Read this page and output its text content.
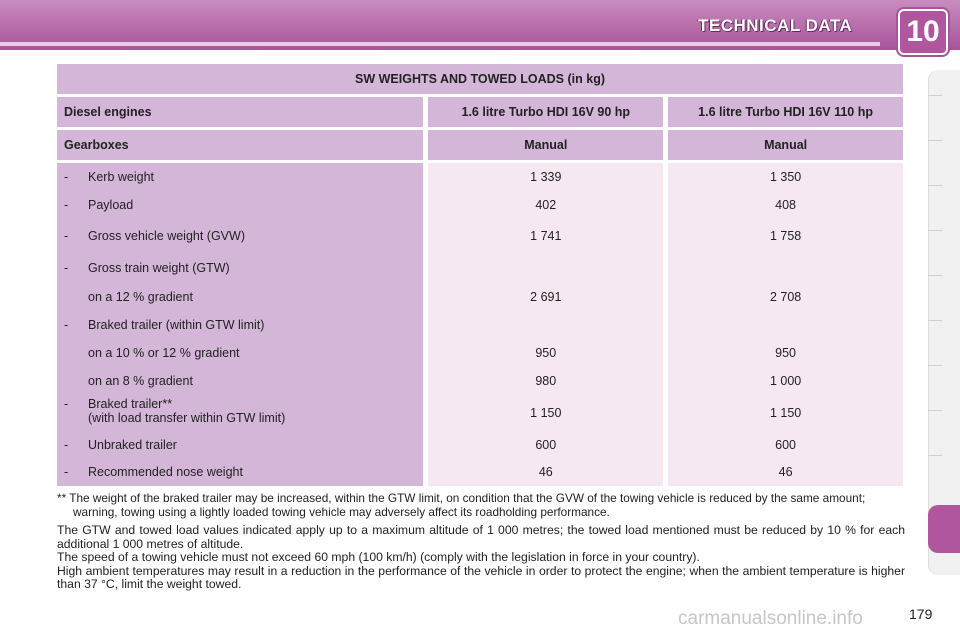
TECHNICAL DATA 10
SW WEIGHTS AND TOWED LOADS (in kg)		

Diesel engines	1.6 litre Turbo HDI 16V 90 hp	1.6 litre Turbo HDI 16V 110 hp

Gearboxes	Manual	Manual

- Kerb weight	1 339	1 350
- Payload	402	408
- Gross vehicle weight (GVW)	1 741	1 758
- Gross train weight (GTW)		
on a 12 % gradient	2 691	2 708
- Braked trailer (within GTW limit)		
on a 10 % or 12 % gradient	950	950
on an 8 % gradient	980	1 000
- Braked trailer**
(with load transfer within GTW limit)	1 150	1 150
- Unbraked trailer	600	600
- Recommended nose weight	46	46
** The weight of the braked trailer may be increased, within the GTW limit, on condition that the GVW of the towing vehicle is reduced by the same amount; warning, towing using a lightly loaded towing vehicle may adversely affect its roadholding performance.

The GTW and towed load values indicated apply up to a maximum altitude of 1 000 metres; the towed load mentioned must be reduced by 10 % for each additional 1 000 metres of altitude.

The speed of a towing vehicle must not exceed 60 mph (100 km/h) (comply with the legislation in force in your country).

High ambient temperatures may result in a reduction in the performance of the vehicle in order to protect the engine; when the ambient temperature is higher than 37 °C, limit the weight towed.

carmanualsonline.info	179
